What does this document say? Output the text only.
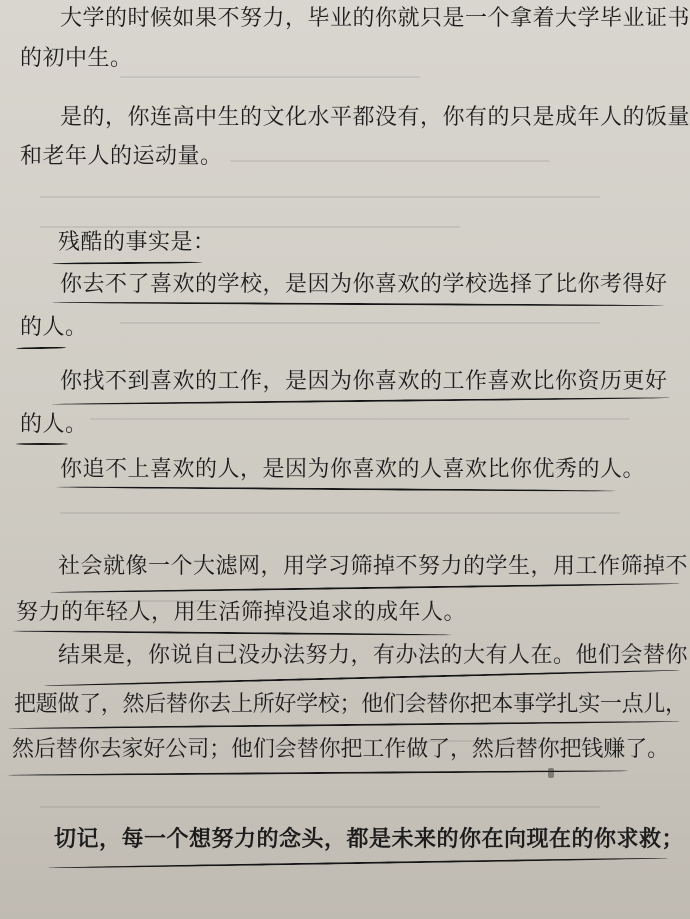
大学的时候如果不努力，毕业的你就只是一个拿着大学毕业证书
的初中生。
是的，你连高中生的文化水平都没有，你有的只是成年人的饭量
和老年人的运动量。
残酷的事实是：
你去不了喜欢的学校，是因为你喜欢的学校选择了比你考得好
的人。
你找不到喜欢的工作，是因为你喜欢的工作喜欢比你资历更好
的人。
你追不上喜欢的人，是因为你喜欢的人喜欢比你优秀的人。
社会就像一个大滤网，用学习筛掉不努力的学生，用工作筛掉不
努力的年轻人，用生活筛掉没追求的成年人。
结果是，你说自己没办法努力，有办法的大有人在。他们会替你
把题做了，然后替你去上所好学校；他们会替你把本事学扎实一点儿，
然后替你去家好公司；他们会替你把工作做了，然后替你把钱赚了。
切记，每一个想努力的念头，都是未来的你在向现在的你求救；
